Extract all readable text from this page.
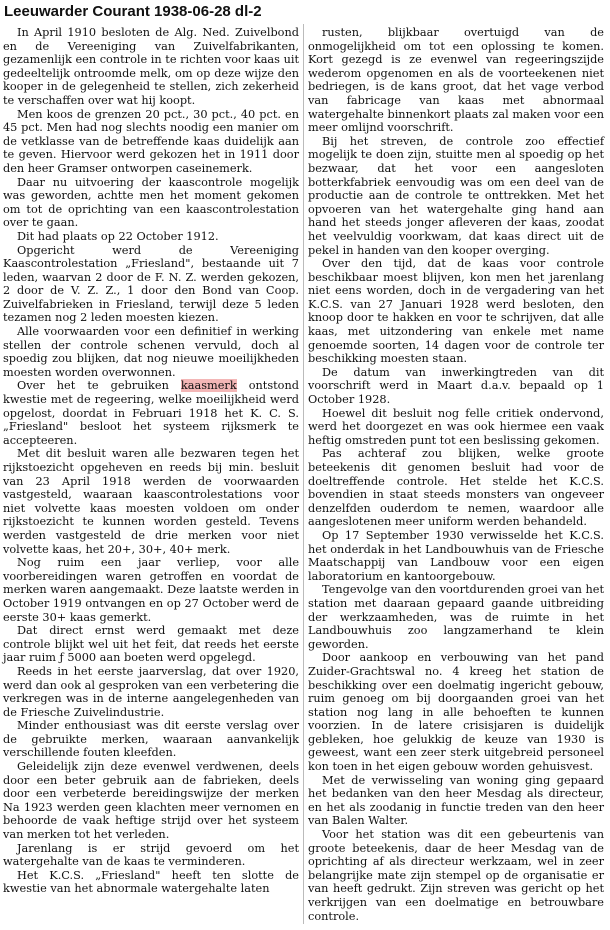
Leeuwarder Courant 1938-06-28 dl-2

In April 1910 besloten de Alg. Ned. Zuivelbond en de Vereeniging van Zuivelfabrikanten, gezamenlijk een controle in te richten voor kaas uit gedeeltelijk ontroomde melk, om op deze wijze den kooper in de gelegenheid te stellen, zich zekerheid te verschaffen over wat hij koopt.

Men koos de grenzen 20 pct., 30 pct., 40 pct. en 45 pct. Men had nog slechts noodig een manier om de vetklasse van de betreffende kaas duidelijk aan te geven. Hiervoor werd gekozen het in 1911 door den heer Gramser ontworpen caseinemerk.

Daar nu uitvoering der kaascontrole mogelijk was geworden, achtte men het moment gekomen om tot de oprichting van een kaascontrolestation over te gaan.

Dit had plaats op 22 October 1912.

Opgericht werd de Vereeniging Kaascontrolestation „Friesland", bestaande uit 7 leden, waarvan 2 door de F. N. Z. werden gekozen, 2 door de V. Z. Z., 1 door den Bond van Coop. Zuivelfabrieken in Friesland, terwijl deze 5 leden tezamen nog 2 leden moesten kiezen.

Alle voorwaarden voor een definitief in werking stellen der controle schenen vervuld, doch al spoedig zou blijken, dat nog nieuwe moeilijkheden moesten worden overwonnen.

Over het te gebruiken kaasmerk ontstond kwestie met de regeering, welke moeilijkheid werd opgelost, doordat in Februari 1918 het K. C. S. „Friesland" besloot het systeem rijksmerk te accepteeren.

Met dit besluit waren alle bezwaren tegen het rijkstoezicht opgeheven en reeds bij min. besluit van 23 April 1918 werden de voorwaarden vastgesteld, waaraan kaascontrolestations voor niet volvette kaas moesten voldoen om onder rijkstoezicht te kunnen worden gesteld. Tevens werden vastgesteld de drie merken voor niet volvette kaas, het 20+, 30+, 40+ merk.

Nog ruim een jaar verliep, voor alle voorbereidingen waren getroffen en voordat de merken waren aangemaakt. Deze laatste werden in October 1919 ontvangen en op 27 October werd de eerste 30+ kaas gemerkt.

Dat direct ernst werd gemaakt met deze controle blijkt wel uit het feit, dat reeds het eerste jaar ruim ƒ 5000 aan boeten werd opgelegd.

Reeds in het eerste jaarverslag, dat over 1920, werd dan ook al gesproken van een verbetering die verkregen was in de interne aangelegenheden van de Friesche Zuivelindustrie.

Minder enthousiast was dit eerste verslag over de gebruikte merken, waaraan aanvankelijk verschillende fouten kleefden.

Geleidelijk zijn deze evenwel verdwenen, deels door een beter gebruik aan de fabrieken, deels door een verbeterde bereidingswijze der merken Na 1923 werden geen klachten meer vernomen en behoorde de vaak heftige strijd over het systeem van merken tot het verleden.

Jarenlang is er strijd gevoerd om het watergehalte van de kaas te verminderen.

Het K.C.S. „Friesland" heeft ten slotte de kwestie van het abnormale watergehalte laten

rusten, blijkbaar overtuigd van de onmogelijkheid om tot een oplossing te komen. Kort gezegd is ze evenwel van regeeringszijde wederom opgenomen en als de voorteekenen niet bedriegen, is de kans groot, dat het vage verbod van fabricage van kaas met abnormaal watergehalte binnenkort plaats zal maken voor een meer omlijnd voorschrift.

Bij het streven, de controle zoo effectief mogelijk te doen zijn, stuitte men al spoedig op het bezwaar, dat het voor een aangesloten botterkfabriek eenvoudig was om een deel van de productie aan de controle te onttrekken. Met het opvoeren van het watergehalte ging hand aan hand het steeds jonger afleveren der kaas, zoodat het veelvuldig voorkwam, dat kaas direct uit de pekel in handen van den kooper overging.

Over den tijd, dat de kaas voor controle beschikbaar moest blijven, kon men het jarenlang niet eens worden, doch in de vergadering van het K.C.S. van 27 Januari 1928 werd besloten, den knoop door te hakken en voor te schrijven, dat alle kaas, met uitzondering van enkele met name genoemde soorten, 14 dagen voor de controle ter beschikking moesten staan.

De datum van inwerkingtreden van dit voorschrift werd in Maart d.a.v. bepaald op 1 October 1928.

Hoewel dit besluit nog felle critiek ondervond, werd het doorgezet en was ook hiermee een vaak heftig omstreden punt tot een beslissing gekomen.

Pas achteraf zou blijken, welke groote beteekenis dit genomen besluit had voor de doeltreffende controle. Het stelde het K.C.S. bovendien in staat steeds monsters van ongeveer denzelfden ouderdom te nemen, waardoor alle aangeslotenen meer uniform werden behandeld.

Op 17 September 1930 verwisselde het K.C.S. het onderdak in het Landbouwhuis van de Friesche Maatschappij van Landbouw voor een eigen laboratorium en kantoorgebouw.

Tengevolge van den voortdurenden groei van het station met daaraan gepaard gaande uitbreiding der werkzaamheden, was de ruimte in het Landbouwhuis zoo langzamerhand te klein geworden.

Door aankoop en verbouwing van het pand Zuider-Grachtswal no. 4 kreeg het station de beschikking over een doelmatig ingericht gebouw, ruim genoeg om bij doorgaanden groei van het station nog lang in alle behoeften te kunnen voorzien. In de latere crisisjaren is duidelijk gebleken, hoe gelukkig de keuze van 1930 is geweest, want een zeer sterk uitgebreid personeel kon toen in het eigen gebouw worden gehuisvest.

Met de verwisseling van woning ging gepaard het bedanken van den heer Mesdag als directeur, en het als zoodanig in functie treden van den heer van Balen Walter.

Voor het station was dit een gebeurtenis van groote beteekenis, daar de heer Mesdag van de oprichting af als directeur werkzaam, wel in zeer belangrijke mate zijn stempel op de organisatie er van heeft gedrukt. Zijn streven was gericht op het verkrijgen van een doelmatige en betrouwbare controle.
